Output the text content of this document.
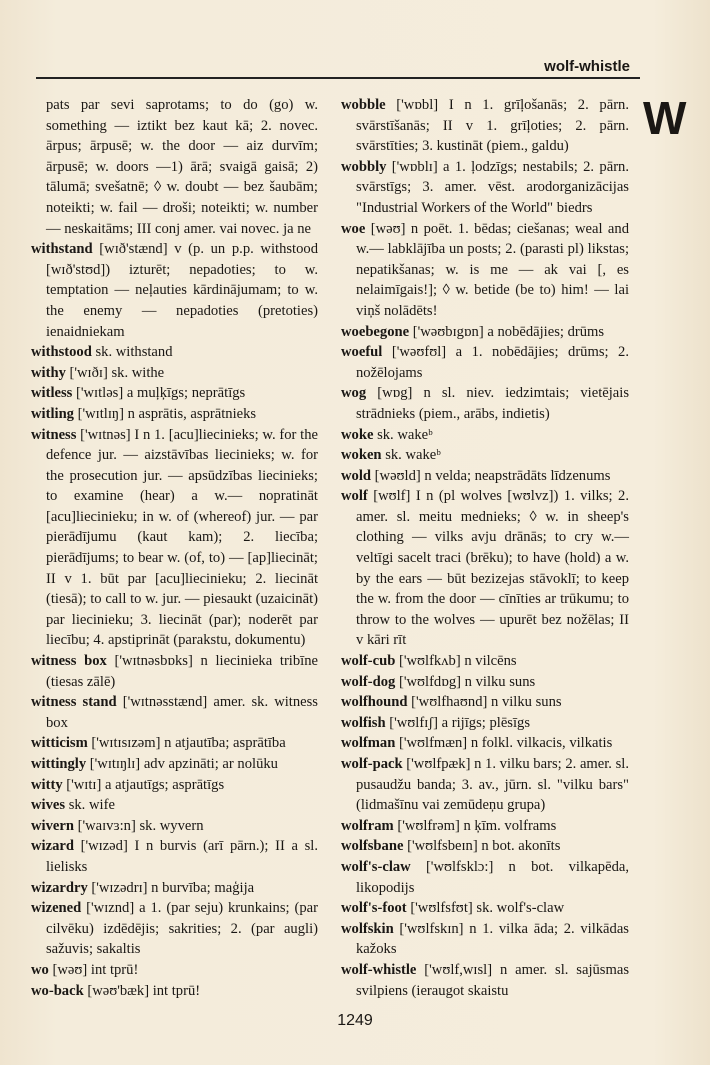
wolf-whistle
W

pats par sevi saprotams; to do (go) w. something — iztikt bez kaut kā; 2. novec. ārpus; ārpusē; w. the door — aiz durvīm; ārpusē; w. doors —1) ārā; svaigā gaisā; 2) tālumā; svešatnē; ◊ w. doubt — bez šaubām; noteikti; w. fail — droši; noteikti; w. number — neskaitāms; III conj amer. vai novec. ja ne

withstand [wɪð'stænd] v (p. un p.p. withstood [wɪð'stʊd]) izturēt; nepadoties; to w. temptation — neļauties kārdinājumam; to w. the enemy — nepadoties (pretoties) ienaidniekam

withstood sk. withstand

withy ['wɪðɪ] sk. withe

witless ['wɪtləs] a muļķīgs; neprātīgs

witling ['wɪtlɪŋ] n asprātis, asprātnieks

witness ['wɪtnəs] I n 1. [acu]liecinieks; w. for the defence jur. — aizstāvības liecinieks; w. for the prosecution jur. — apsūdzības liecinieks; to examine (hear) a w.— nopratināt [acu]liecinieku; in w. of (whereof) jur. — par pierādījumu (kaut kam); 2. liecība; pierādījums; to bear w. (of, to) — [ap]liecināt; II v 1. būt par [acu]liecinieku; 2. liecināt (tiesā); to call to w. jur. — piesaukt (uzaicināt) par liecinieku; 3. liecināt (par); noderēt par liecību; 4. apstiprināt (parakstu, dokumentu)

witness box ['wɪtnəsbɒks] n liecinieka tribīne (tiesas zālē)

witness stand ['wɪtnəsstænd] amer. sk. witness box

witticism ['wɪtɪsɪzəm] n atjautība; asprātība

wittingly ['wɪtɪŋlɪ] adv apzināti; ar nolūku

witty ['wɪtɪ] a atjautīgs; asprātīgs

wives sk. wife

wivern ['waɪvɜ:n] sk. wyvern

wizard ['wɪzəd] I n burvis (arī pārn.); II a sl. lielisks

wizardry ['wɪzədrɪ] n burvība; maģija

wizened ['wɪznd] a 1. (par seju) krunkains; (par cilvēku) izdēdējis; sakrities; 2. (par augli) sažuvis; sakaltis

wo [wəʊ] int tprū!

wo-back [wəʊ'bæk] int tprū!

wobble ['wɒbl] I n 1. grīļošanās; 2. pārn. svārstīšanās; II v 1. grīļoties; 2. pārn. svārstīties; 3. kustināt (piem., galdu)

wobbly ['wɒblɪ] a 1. ļodzīgs; nestabils; 2. pārn. svārstīgs; 3. amer. vēst. arodorganizācijas "Industrial Workers of the World" biedrs

woe [wəʊ] n poēt. 1. bēdas; ciešanas; weal and w.— labklājība un posts; 2. (parasti pl) likstas; nepatikšanas; w. is me — ak vai [, es nelaimīgais!]; ◊ w. betide (be to) him! — lai viņš nolādēts!

woebegone ['wəʊbɪgɒn] a nobēdājies; drūms

woeful ['wəʊfʊl] a 1. nobēdājies; drūms; 2. nožēlojams

wog [wɒg] n sl. niev. iedzimtais; vietējais strādnieks (piem., arābs, indietis)

woke sk. wakeᵇ

woken sk. wakeᵇ

wold [wəʊld] n velda; neapstrādāts līdzenums

wolf [wʊlf] I n (pl wolves [wʊlvz]) 1. vilks; 2. amer. sl. meitu mednieks; ◊ w. in sheep's clothing — vilks avju drānās; to cry w.— veltīgi sacelt traci (brēku); to have (hold) a w. by the ears — būt bezizejas stāvoklī; to keep the w. from the door — cīnīties ar trūkumu; to throw to the wolves — upurēt bez nožēlas; II v kāri rīt

wolf-cub ['wʊlfkʌb] n vilcēns

wolf-dog ['wʊlfdɒg] n vilku suns

wolfhound ['wʊlfhaʊnd] n vilku suns

wolfish ['wʊlfɪʃ] a rijīgs; plēsīgs

wolfman ['wʊlfmæn] n folkl. vilkacis, vilkatis

wolf-pack ['wʊlfpæk] n 1. vilku bars; 2. amer. sl. pusaudžu banda; 3. av., jūrn. sl. "vilku bars" (lidmašīnu vai zemūdeņu grupa)

wolfram ['wʊlfrəm] n ķīm. volframs

wolfsbane ['wʊlfsbeɪn] n bot. akonīts

wolf's-claw ['wʊlfsklɔ:] n bot. vilkapēda, likopodijs

wolf's-foot ['wʊlfsfʊt] sk. wolf's-claw

wolfskin ['wʊlfskɪn] n 1. vilka āda; 2. vilkādas kažoks

wolf-whistle ['wʊlf,wɪsl] n amer. sl. sajūsmas svilpiens (ieraugot skaistu

1249
